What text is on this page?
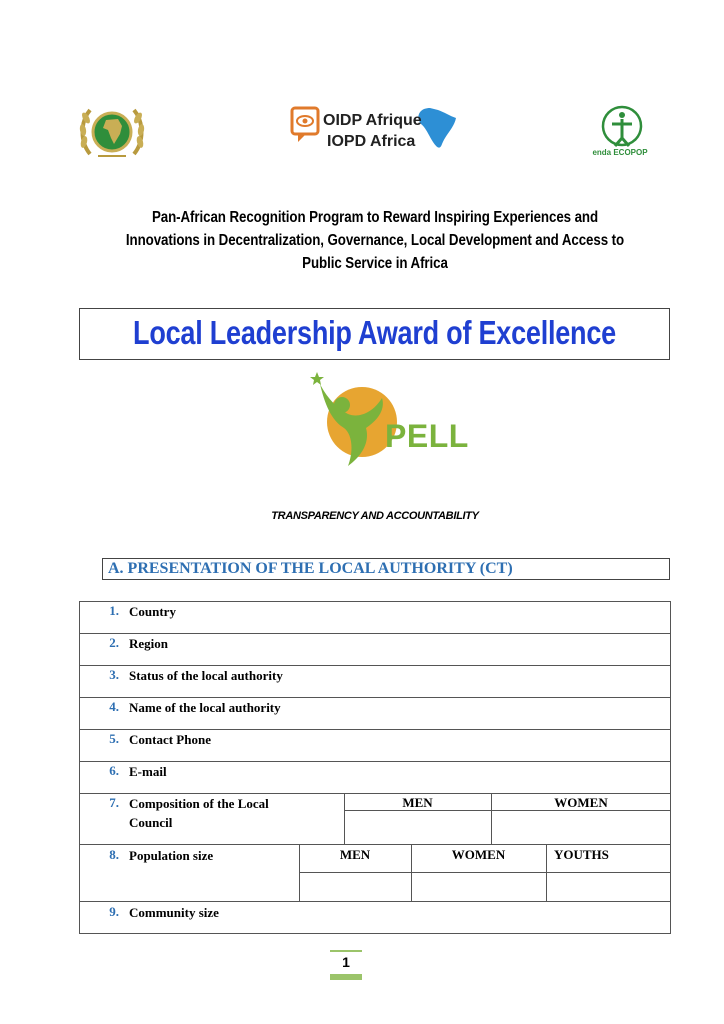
OIDP Afrique
IOPD Africa
enda ECOPOP
Pan-African Recognition Program to Reward Inspiring Experiences and Innovations in Decentralization, Governance, Local Development and Access to Public Service in Africa
Local Leadership Award of Excellence
PELL
TRANSPARENCY AND ACCOUNTABILITY
A. PRESENTATION OF THE LOCAL AUTHORITY (CT)
1. Country
2. Region
3. Status of the local authority
4. Name of the local authority
5. Contact Phone
6. E-mail
7. Composition of the Local Council
MEN	WOMEN
8. Population size	MEN	WOMEN	YOUTHS
9. Community size
1
